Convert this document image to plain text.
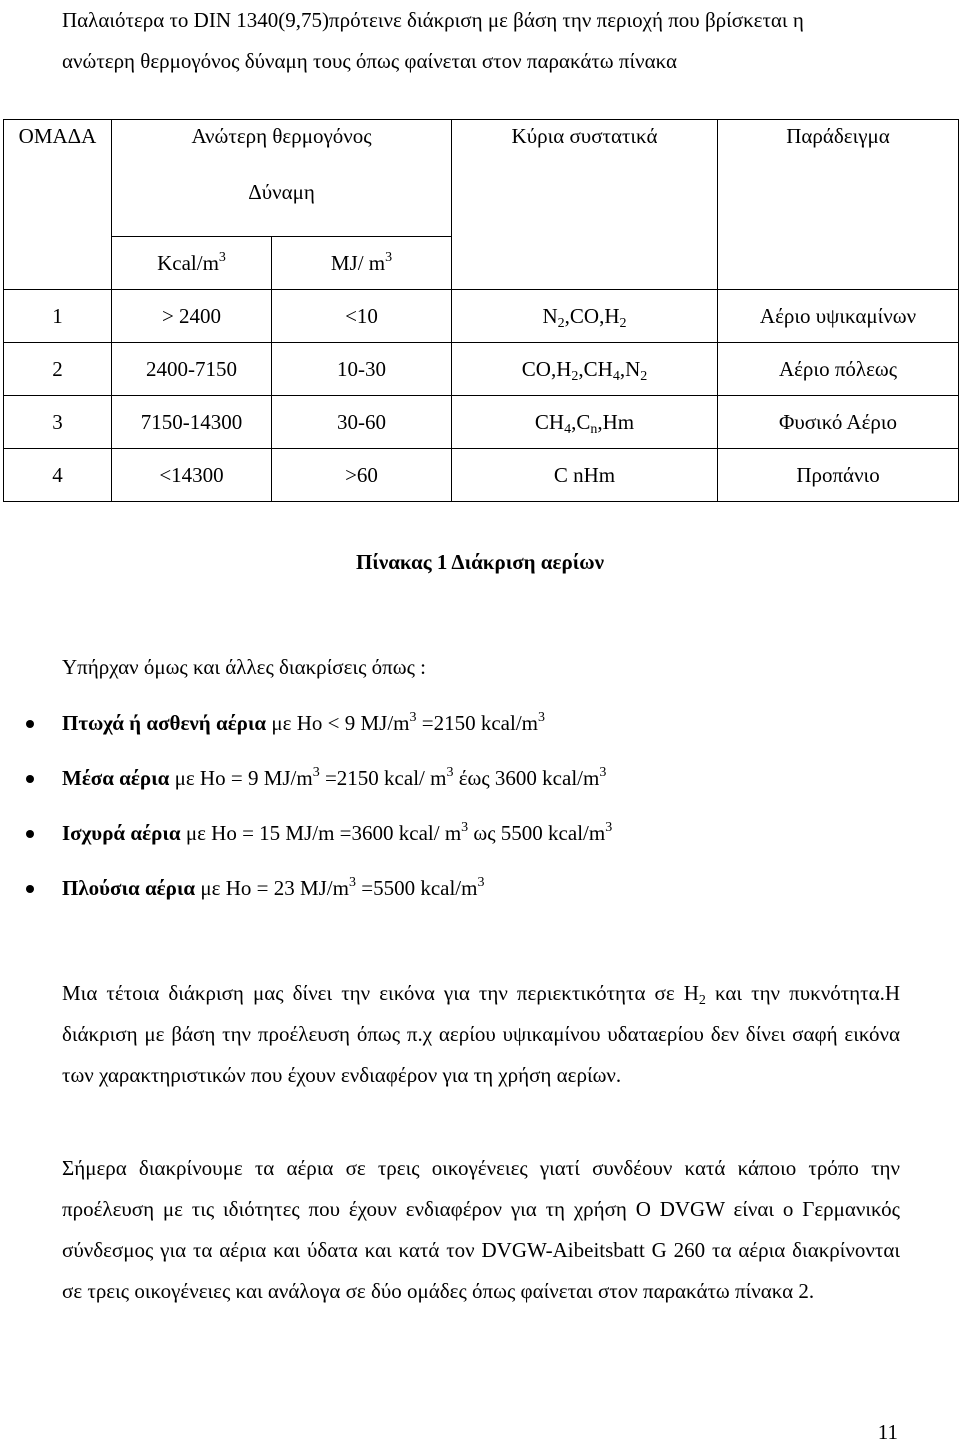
Παλαιότερα το DIN 1340(9,75)πρότεινε διάκριση με βάση την περιοχή που βρίσκεται η

ανώτερη θερμογόνος δύναμη τους όπως φαίνεται στον παρακάτω πίνακα

ΟΜΑΔΑ	Ανώτερη θερμογόνος		Κύρια συστατικά	Παράδειγμα
	Δύναμη			
	Kcal/$m^3$	MJ/ $m^3$
1	> 2400	<10	$N_2,CO,H_2$	Αέριο υψικαμίνων
2	2400-7150	10-30	$CO,H_2,CH_4,N_2$	Αέριο πόλεως
3	7150-14300	30-60	$CH_4,C_n,Hm$	Φυσικό Αέριο
4	<14300	>60	C nHm	Προπάνιο
Πίνακας 1 Διάκριση αερίων
Υπήρχαν όμως και άλλες διακρίσεις όπως :
Πτωχά ή ασθενή αέρια με Ho < 9 $MJ/m^3 =2150$ kcal/$m^3$
Μέσα αέρια με Ho = 9 $MJ/m^3 =2150$ kcal/ $m^3$ έως 3600 kcal/$m^3$
Ισχυρά αέρια με Ho = 15 MJ/m =3600 kcal/ $m^3$ ως 5500 kcal/$m^3$
Πλούσια αέρια με Ho = 23 $MJ/m^3 =5500$ kcal/$m^3$

Μια τέτοια διάκριση μας δίνει την εικόνα για την περιεκτικότητα σε $H_2$ και την πυκνότητα.Η διάκριση με βάση την προέλευση όπως π.χ αερίου υψικαμίνου υδαταερίου δεν δίνει σαφή εικόνα των χαρακτηριστικών που έχουν ενδιαφέρον για τη χρήση αερίων.

Σήμερα διακρίνουμε τα αέρια σε τρεις οικογένειες γιατί συνδέουν κατά κάποιο τρόπο την προέλευση με τις ιδιότητες που έχουν ενδιαφέρον για τη χρήση Ο DVGW είναι ο Γερμανικός σύνδεσμος για τα αέρια και ύδατα και κατά τον DVGW-Aibeitsbatt G 260 τα αέρια διακρίνονται σε τρεις οικογένειες και ανάλογα σε δύο ομάδες όπως φαίνεται στον παρακάτω πίνακα 2.

11
